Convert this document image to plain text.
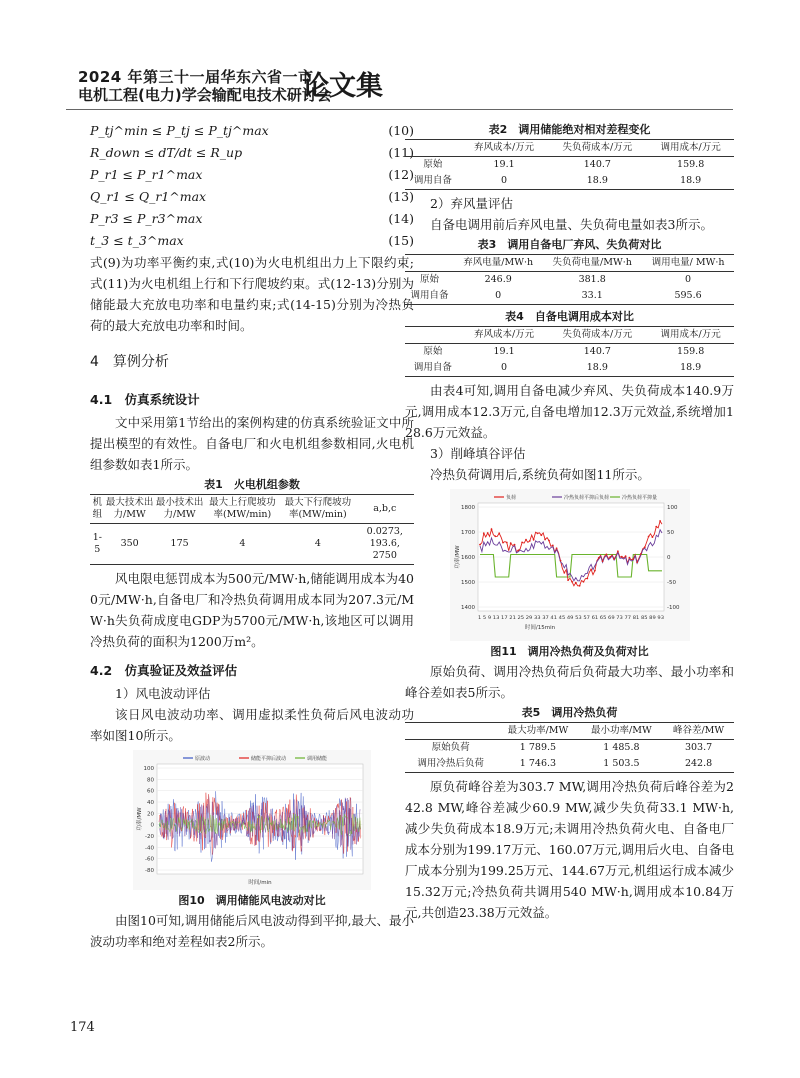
2024 年第三十一届华东六省一市
电机工程(电力)学会输配电技术研讨会
论文集
P_tj^min ≤ P_tj ≤ P_tj^max	(10)
R_down ≤ dT/dt ≤ R_up	(11)
P_r1 ≤ P_r1^max	(12)
Q_r1 ≤ Q_r1^max	(13)
P_r3 ≤ P_r3^max	(14)
t_3 ≤ t_3^max	(15)

式(9)为功率平衡约束,式(10)为火电机组出力上下限约束;式(11)为火电机组上行和下行爬坡约束。式(12-13)分别为储能最大充放电功率和电量约束;式(14-15)分别为冷热负荷的最大充放电功率和时间。

4　算例分析
4.1　仿真系统设计

文中采用第1节给出的案例构建的仿真系统验证文中所提出模型的有效性。自备电厂和火电机组参数相同,火电机组参数如表1所示。

表1　火电机组参数
机组	最大技术出力/MW	最小技术出力/MW	最大上行爬坡功率(MW/min)	最大下行爬坡功率(MW/min)	a,b,c
1-5	350	175	4	4	0.0273, 193.6, 2750

风电限电惩罚成本为500元/MW·h,储能调用成本为400元/MW·h,自备电厂和冷热负荷调用成本同为207.3元/MW·h失负荷成度电GDP为5700元/MW·h,该地区可以调用冷热负荷的面积为1200万m²。

4.2　仿真验证及效益评估
1）风电波动评估

该日风电波动功率、调用虚拟柔性负荷后风电波动功率如图10所示。

100
80
60
40
20
0
-20
-40
-60
-80
功率/MW
时间/min
原波动	储能平抑后波动	调用储能
图10　调用储能风电波动对比

由图10可知,调用储能后风电波动得到平抑,最大、最小波动功率和绝对差程如表2所示。

表2　调用储能绝对相对差程变化
	弃风成本/万元	失负荷成本/万元	调用成本/万元
原始	19.1	140.7	159.8
调用自备	0	18.9	18.9
2）弃风量评估

自备电调用前后弃风电量、失负荷电量如表3所示。

表3　调用自备电厂弃风、失负荷对比
	弃风电量/MW·h	失负荷电量/MW·h	调用电量/ MW·h
原始	246.9	381.8	0
调用自备	0	33.1	595.6
表4　自备电调用成本对比
	弃风成本/万元	失负荷成本/万元	调用成本/万元
原始	19.1	140.7	159.8
调用自备	0	18.9	18.9

由表4可知,调用自备电减少弃风、失负荷成本140.9万元,调用成本12.3万元,自备电增加12.3万元效益,系统增加128.6万元效益。

3）削峰填谷评估

冷热负荷调用后,系统负荷如图11所示。

1800
1700
1600
1500
1400
100
50
0
-50
-100
功率/MW
1 5 9 13 17 21 25 29 33 37 41 45 49 53 57 61 65 69 73 77 81 85 89 93
时间/15min
负荷	冷热负荷平抑后负荷	冷热负荷平抑量
图11　调用冷热负荷及负荷对比

原始负荷、调用冷热负荷后负荷最大功率、最小功率和峰谷差如表5所示。

表5　调用冷热负荷
	最大功率/MW	最小功率/MW	峰谷差/MW
原始负荷	1 789.5	1 485.8	303.7
调用冷热后负荷	1 746.3	1 503.5	242.8

原负荷峰谷差为303.7 MW,调用冷热负荷后峰谷差为242.8 MW,峰谷差减少60.9 MW,减少失负荷33.1 MW·h,减少失负荷成本18.9万元;未调用冷热负荷火电、自备电厂成本分别为199.17万元、160.07万元,调用后火电、自备电厂成本分别为199.25万元、144.67万元,机组运行成本减少15.32万元;冷热负荷共调用540 MW·h,调用成本10.84万元,共创造23.38万元效益。

174
